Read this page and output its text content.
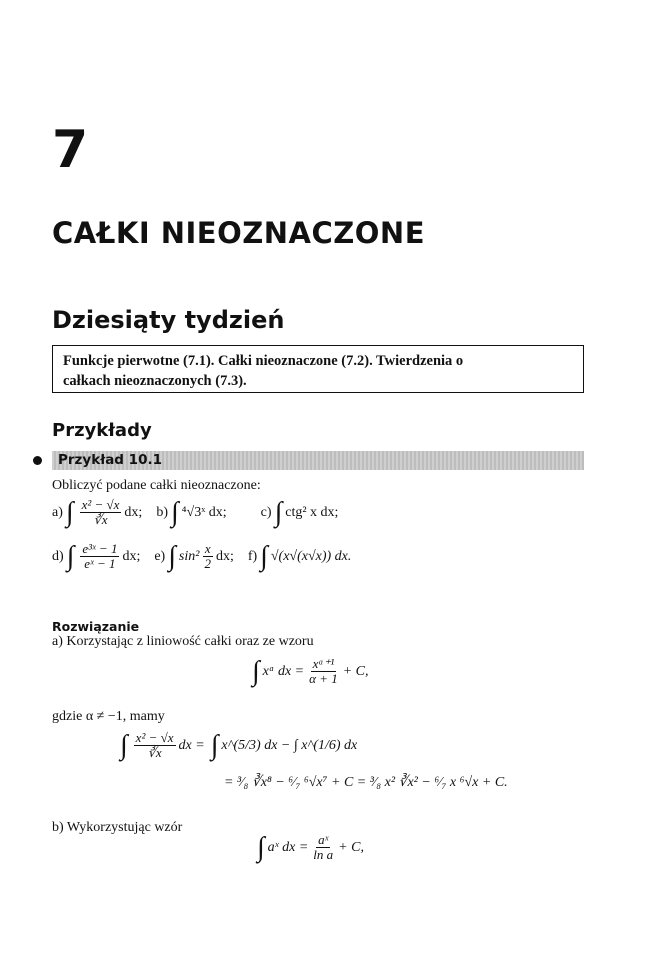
7
CAŁKI NIEOZNACZONE
Dziesiąty tydzień
Funkcje pierwotne (7.1). Całki nieoznaczone (7.2). Twierdzenia o
całkach nieoznaczonych (7.3).
Przykłady
Przykład 10.1
Obliczyć podane całki nieoznaczone:
a) ∫ $\frac{\text{x² − √x}}{∛x}$ dx; b) ∫ ⁴√3ˣ dx; c) ∫ ctg² x dx;
d) ∫ $\frac{\text{e³ˣ − 1}}{\text{eˣ − 1}}$ dx; e) ∫ $\sin^2 \frac{x}{2}$ dx; f) ∫ √(x√(x√x)) dx.
Rozwiązanie
a) Korzystając z liniowość całki oraz ze wzoru
∫ xᵅ dx = $\frac{\text{xᵅ⁺¹}}{\alpha + 1} + C$,
gdzie α ≠ −1, mamy
∫ $\frac{\text{x² − √x}}{∛x}$ dx = ∫ x^(5/3) dx − ∫ x^(1/6) dx
= ³⁄₈ ∛x⁸ − ⁶⁄₇ ⁶√x⁷ + C = ³⁄₈ x² ∛x² − ⁶⁄₇ x ⁶√x + C.
b) Wykorzystując wzór
∫ aˣ dx = $\frac{\text{aˣ}}{\text{ln a}} + C$,
